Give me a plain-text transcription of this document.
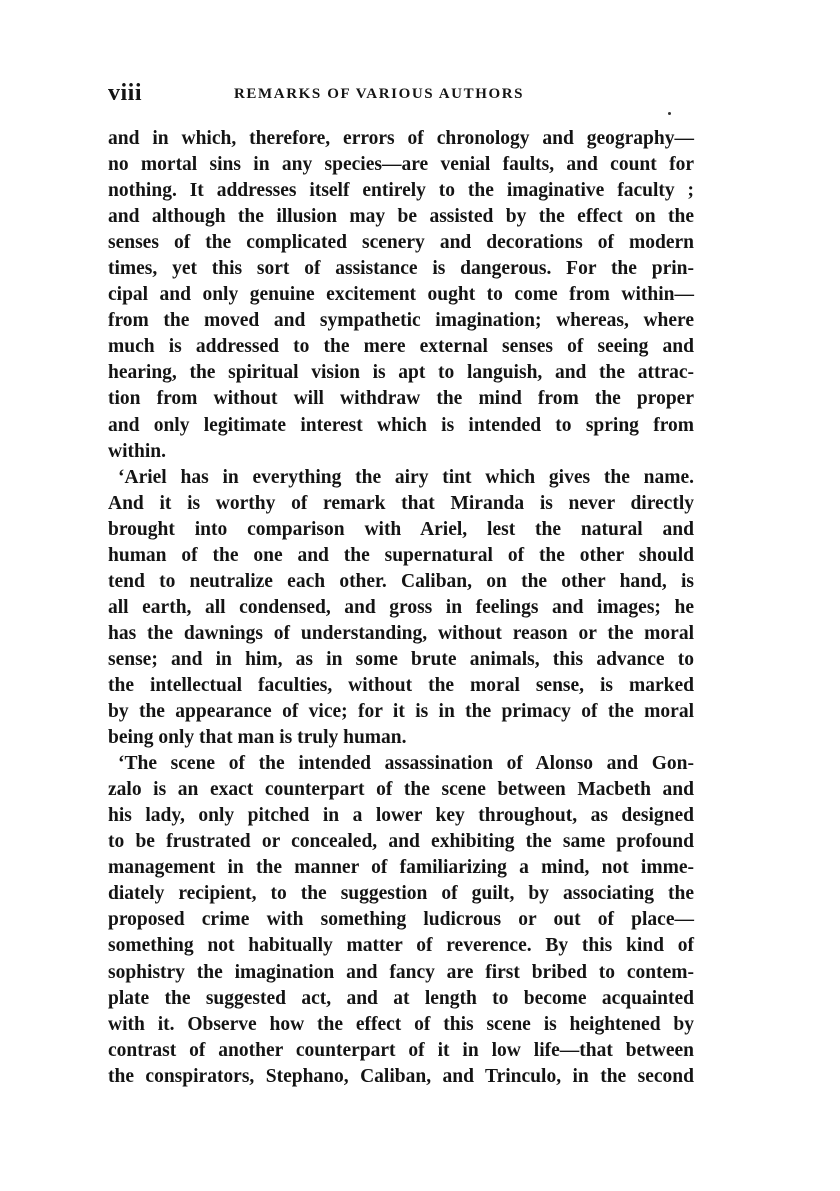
viii	REMARKS OF VARIOUS AUTHORS
and in which, therefore, errors of chronology and geography—
no mortal sins in any species—are venial faults, and count for
nothing. It addresses itself entirely to the imaginative faculty ;
and although the illusion may be assisted by the effect on the
senses of the complicated scenery and decorations of modern
times, yet this sort of assistance is dangerous. For the prin-
cipal and only genuine excitement ought to come from within—
from the moved and sympathetic imagination; whereas, where
much is addressed to the mere external senses of seeing and
hearing, the spiritual vision is apt to languish, and the attrac-
tion from without will withdraw the mind from the proper
and only legitimate interest which is intended to spring from
within.
‘Ariel has in everything the airy tint which gives the name.
And it is worthy of remark that Miranda is never directly
brought into comparison with Ariel, lest the natural and
human of the one and the supernatural of the other should
tend to neutralize each other. Caliban, on the other hand, is
all earth, all condensed, and gross in feelings and images; he
has the dawnings of understanding, without reason or the moral
sense; and in him, as in some brute animals, this advance to
the intellectual faculties, without the moral sense, is marked
by the appearance of vice; for it is in the primacy of the moral
being only that man is truly human.
‘The scene of the intended assassination of Alonso and Gon-
zalo is an exact counterpart of the scene between Macbeth and
his lady, only pitched in a lower key throughout, as designed
to be frustrated or concealed, and exhibiting the same profound
management in the manner of familiarizing a mind, not imme-
diately recipient, to the suggestion of guilt, by associating the
proposed crime with something ludicrous or out of place—
something not habitually matter of reverence. By this kind of
sophistry the imagination and fancy are first bribed to contem-
plate the suggested act, and at length to become acquainted
with it. Observe how the effect of this scene is heightened by
contrast of another counterpart of it in low life—that between
the conspirators, Stephano, Caliban, and Trinculo, in the second
